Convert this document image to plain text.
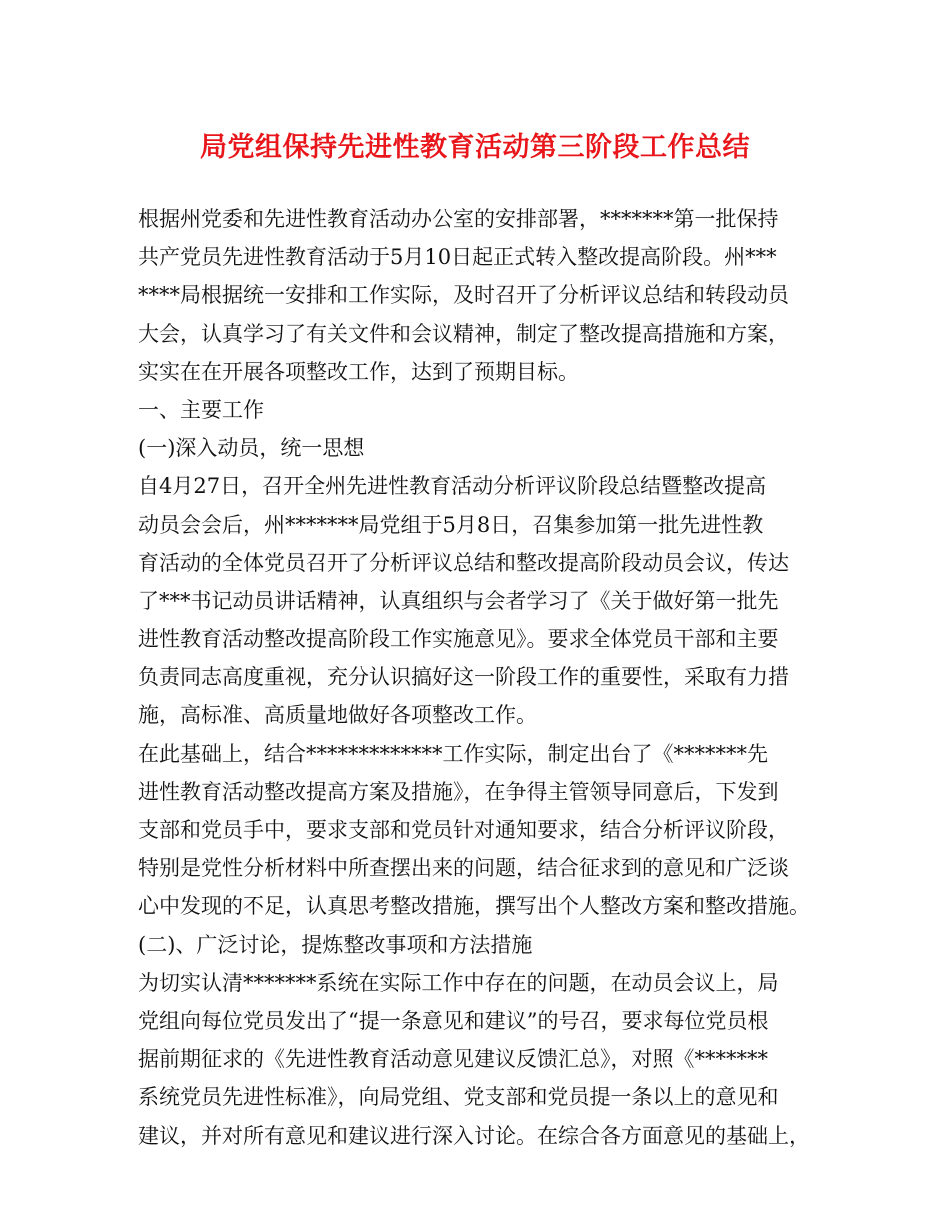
局党组保持先进性教育活动第三阶段工作总结
根据州党委和先进性教育活动办公室的安排部署，*******第一批保持
共产党员先进性教育活动于5月10日起正式转入整改提高阶段。州***
****局根据统一安排和工作实际，及时召开了分析评议总结和转段动员
大会，认真学习了有关文件和会议精神，制定了整改提高措施和方案，
实实在在开展各项整改工作，达到了预期目标。
一、主要工作
(一)深入动员，统一思想
自4月27日，召开全州先进性教育活动分析评议阶段总结暨整改提高
动员会会后，州*******局党组于5月8日，召集参加第一批先进性教
育活动的全体党员召开了分析评议总结和整改提高阶段动员会议，传达
了***书记动员讲话精神，认真组织与会者学习了《关于做好第一批先
进性教育活动整改提高阶段工作实施意见》。要求全体党员干部和主要
负责同志高度重视，充分认识搞好这一阶段工作的重要性，采取有力措
施，高标准、高质量地做好各项整改工作。
在此基础上，结合*************工作实际，制定出台了《*******先
进性教育活动整改提高方案及措施》，在争得主管领导同意后，下发到
支部和党员手中，要求支部和党员针对通知要求，结合分析评议阶段，
特别是党性分析材料中所查摆出来的问题，结合征求到的意见和广泛谈
心中发现的不足，认真思考整改措施，撰写出个人整改方案和整改措施。
(二)、广泛讨论，提炼整改事项和方法措施
为切实认清*******系统在实际工作中存在的问题，在动员会议上，局
党组向每位党员发出了“提一条意见和建议”的号召，要求每位党员根
据前期征求的《先进性教育活动意见建议反馈汇总》，对照《*******
系统党员先进性标准》，向局党组、党支部和党员提一条以上的意见和
建议，并对所有意见和建议进行深入讨论。在综合各方面意见的基础上，
